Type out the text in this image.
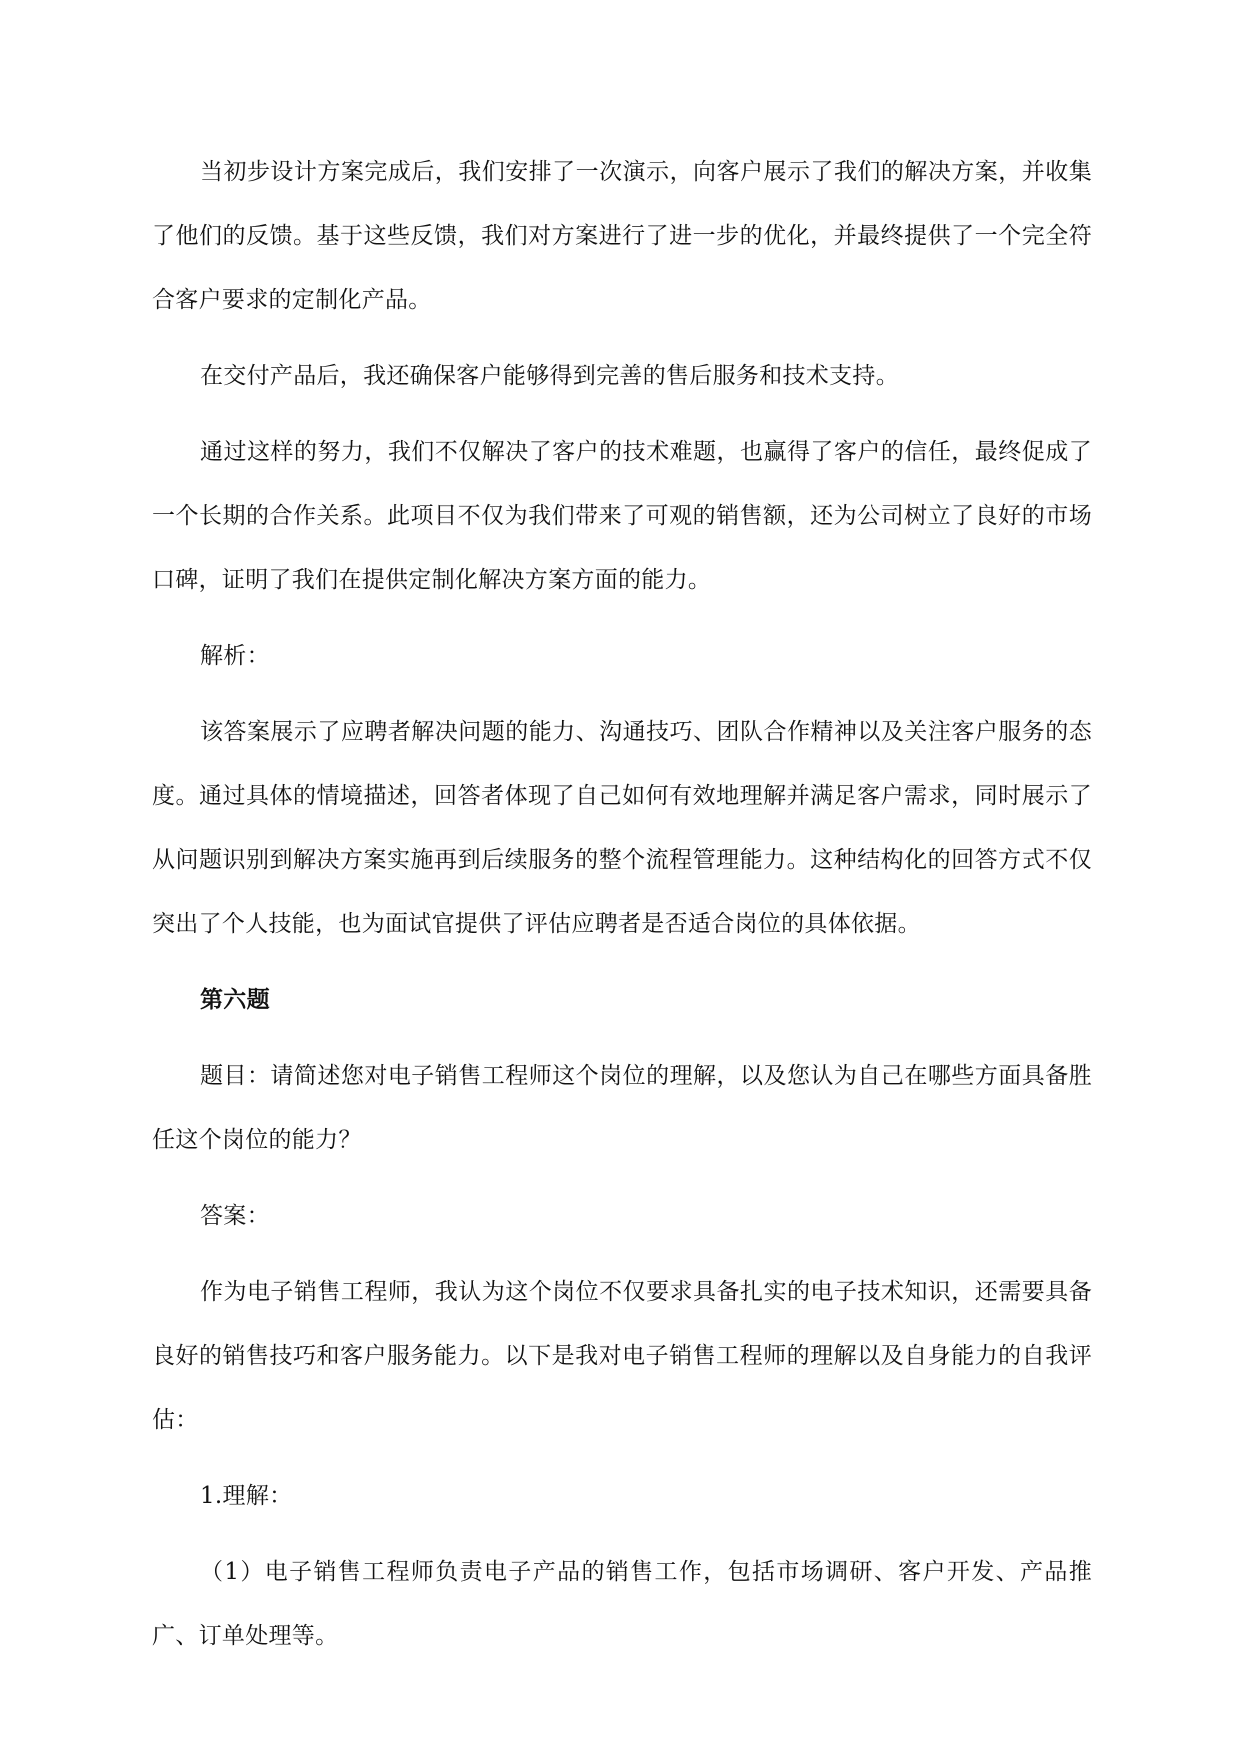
当初步设计方案完成后，我们安排了一次演示，向客户展示了我们的解决方案，并收集了他们的反馈。基于这些反馈，我们对方案进行了进一步的优化，并最终提供了一个完全符合客户要求的定制化产品。

在交付产品后，我还确保客户能够得到完善的售后服务和技术支持。

通过这样的努力，我们不仅解决了客户的技术难题，也赢得了客户的信任，最终促成了一个长期的合作关系。此项目不仅为我们带来了可观的销售额，还为公司树立了良好的市场口碑，证明了我们在提供定制化解决方案方面的能力。

解析：

该答案展示了应聘者解决问题的能力、沟通技巧、团队合作精神以及关注客户服务的态度。通过具体的情境描述，回答者体现了自己如何有效地理解并满足客户需求，同时展示了从问题识别到解决方案实施再到后续服务的整个流程管理能力。这种结构化的回答方式不仅突出了个人技能，也为面试官提供了评估应聘者是否适合岗位的具体依据。

第六题

题目：请简述您对电子销售工程师这个岗位的理解，以及您认为自己在哪些方面具备胜任这个岗位的能力？

答案：

作为电子销售工程师，我认为这个岗位不仅要求具备扎实的电子技术知识，还需要具备良好的销售技巧和客户服务能力。以下是我对电子销售工程师的理解以及自身能力的自我评估：

1.理解：

（1）电子销售工程师负责电子产品的销售工作，包括市场调研、客户开发、产品推广、订单处理等。
